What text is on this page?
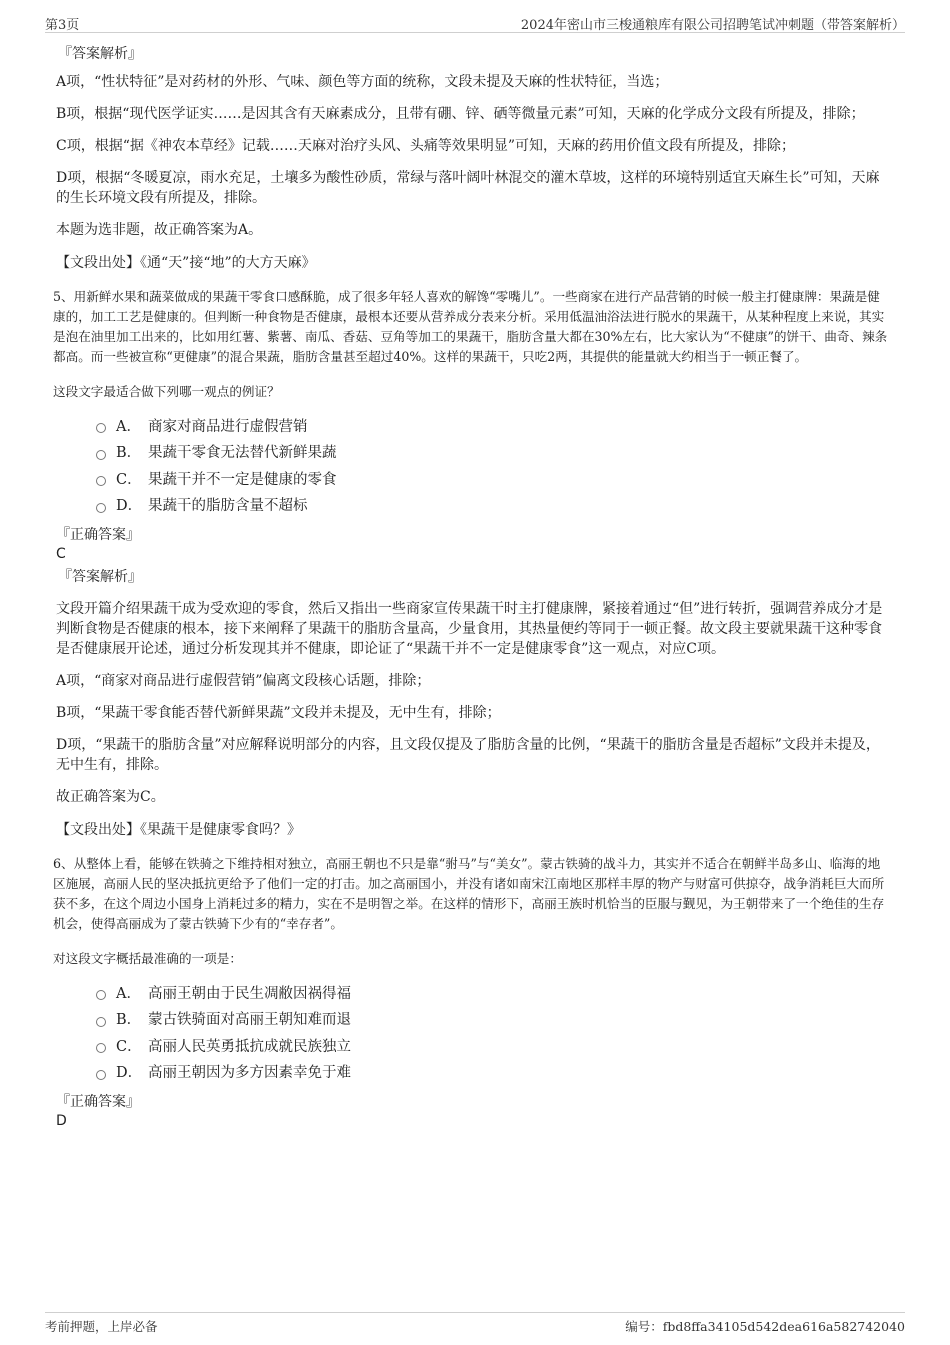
第3页	2024年密山市三梭通粮库有限公司招聘笔试冲刺题（带答案解析）
『答案解析』
A项，“性状特征”是对药材的外形、气味、颜色等方面的统称，文段未提及天麻的性状特征，当选；
B项，根据“现代医学证实……是因其含有天麻素成分，且带有硼、锌、硒等微量元素”可知，天麻的化学成分文段有所提及，排除；
C项，根据“据《神农本草经》记载……天麻对治疗头风、头痛等效果明显”可知，天麻的药用价值文段有所提及，排除；
D项，根据“冬暖夏凉，雨水充足，土壤多为酸性砂质，常绿与落叶阔叶林混交的灌木草坡，这样的环境特别适宜天麻生长”可知，天麻的生长环境文段有所提及，排除。
本题为选非题，故正确答案为A。
【文段出处】《通“天”接“地”的大方天麻》
5、用新鲜水果和蔬菜做成的果蔬干零食口感酥脆，成了很多年轻人喜欢的解馋“零嘴儿”。一些商家在进行产品营销的时候一般主打健康牌：果蔬是健康的，加工工艺是健康的。但判断一种食物是否健康，最根本还要从营养成分表来分析。采用低温油浴法进行脱水的果蔬干，从某种程度上来说，其实是泡在油里加工出来的，比如用红薯、紫薯、南瓜、香菇、豆角等加工的果蔬干，脂肪含量大都在30%左右，比大家认为“不健康”的饼干、曲奇、辣条都高。而一些被宣称“更健康”的混合果蔬，脂肪含量甚至超过40%。这样的果蔬干，只吃2两，其提供的能量就大约相当于一顿正餐了。
这段文字最适合做下列哪一观点的例证？
A． 商家对商品进行虚假营销
B． 果蔬干零食无法替代新鲜果蔬
C． 果蔬干并不一定是健康的零食
D． 果蔬干的脂肪含量不超标
『正确答案』
C
『答案解析』
文段开篇介绍果蔬干成为受欢迎的零食，然后又指出一些商家宣传果蔬干时主打健康牌，紧接着通过“但”进行转折，强调营养成分才是判断食物是否健康的根本，接下来阐释了果蔬干的脂肪含量高，少量食用，其热量便约等同于一顿正餐。故文段主要就果蔬干这种零食是否健康展开论述，通过分析发现其并不健康，即论证了“果蔬干并不一定是健康零食”这一观点，对应C项。
A项，“商家对商品进行虚假营销”偏离文段核心话题，排除；
B项，“果蔬干零食能否替代新鲜果蔬”文段并未提及，无中生有，排除；
D项，“果蔬干的脂肪含量”对应解释说明部分的内容，且文段仅提及了脂肪含量的比例，“果蔬干的脂肪含量是否超标”文段并未提及，无中生有，排除。
故正确答案为C。
【文段出处】《果蔬干是健康零食吗？》
6、从整体上看，能够在铁骑之下维持相对独立，高丽王朝也不只是靠“驸马”与“美女”。蒙古铁骑的战斗力，其实并不适合在朝鲜半岛多山、临海的地区施展，高丽人民的坚决抵抗更给予了他们一定的打击。加之高丽国小，并没有诸如南宋江南地区那样丰厚的物产与财富可供掠夺，战争消耗巨大而所获不多，在这个周边小国身上消耗过多的精力，实在不是明智之举。在这样的情形下，高丽王族时机恰当的臣服与觐见，为王朝带来了一个绝佳的生存机会，使得高丽成为了蒙古铁骑下少有的“幸存者”。
对这段文字概括最准确的一项是：
A． 高丽王朝由于民生凋敝因祸得福
B． 蒙古铁骑面对高丽王朝知难而退
C． 高丽人民英勇抵抗成就民族独立
D． 高丽王朝因为多方因素幸免于难
『正确答案』
D
考前押题，上岸必备	编号：fbd8ffa34105d542dea616a582742040
